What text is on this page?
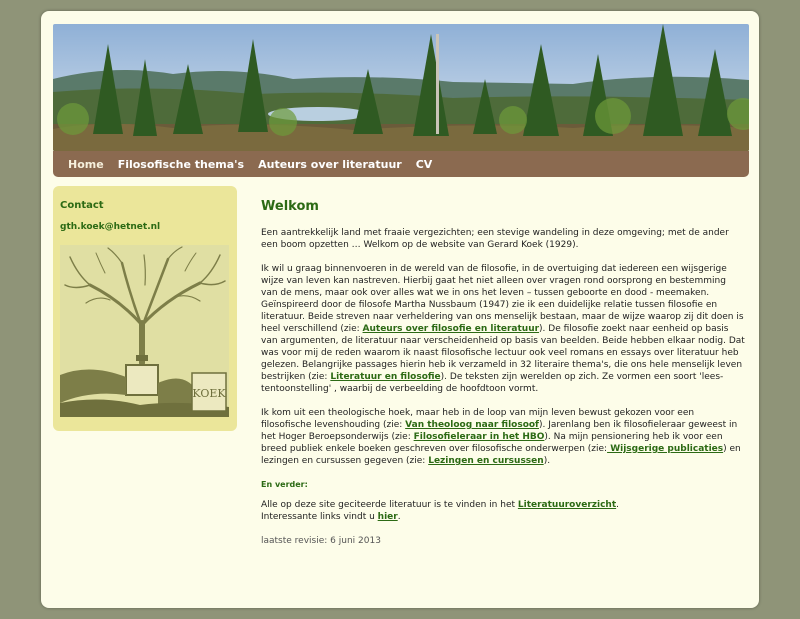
Home Filosofische thema's Auteurs over literatuur CV
Contact
gth.koek@hetnet.nl
KOEK
Welkom

Een aantrekkelijk land met fraaie vergezichten; een stevige wandeling in deze omgeving; met de ander een boom opzetten … Welkom op de website van Gerard Koek (1929).

Ik wil u graag binnenvoeren in de wereld van de filosofie, in de overtuiging dat iedereen een wijsgerige wijze van leven kan nastreven. Hierbij gaat het niet alleen over vragen rond oorsprong en bestemming van de mens, maar ook over alles wat we in ons het leven – tussen geboorte en dood - meemaken. Geïnspireerd door de filosofe Martha Nussbaum (1947) zie ik een duidelijke relatie tussen filosofie en literatuur. Beide streven naar verheldering van ons menselijk bestaan, maar de wijze waarop zij dit doen is heel verschillend (zie: Auteurs over filosofie en literatuur). De filosofie zoekt naar eenheid op basis van argumenten, de literatuur naar verscheidenheid op basis van beelden. Beide hebben elkaar nodig. Dat was voor mij de reden waarom ik naast filosofische lectuur ook veel romans en essays over literatuur heb gelezen. Belangrijke passages hierin heb ik verzameld in 32 literaire thema's, die ons hele menselijk leven bestrijken (zie: Literatuur en filosofie). De teksten zijn werelden op zich. Ze vormen een soort 'lees-tentoonstelling' , waarbij de verbeelding de hoofdtoon vormt.

Ik kom uit een theologische hoek, maar heb in de loop van mijn leven bewust gekozen voor een filosofische levenshouding (zie: Van theoloog naar filosoof). Jarenlang ben ik filosofieleraar geweest in het Hoger Beroepsonderwijs (zie: Filosofieleraar in het HBO). Na mijn pensionering heb ik voor een breed publiek enkele boeken geschreven over filosofische onderwerpen (zie: Wijsgerige publicaties) en lezingen en cursussen gegeven (zie: Lezingen en cursussen).

En verder:

Alle op deze site geciteerde literatuur is te vinden in het Literatuuroverzicht.
Interessante links vindt u hier.

laatste revisie: 6 juni 2013
